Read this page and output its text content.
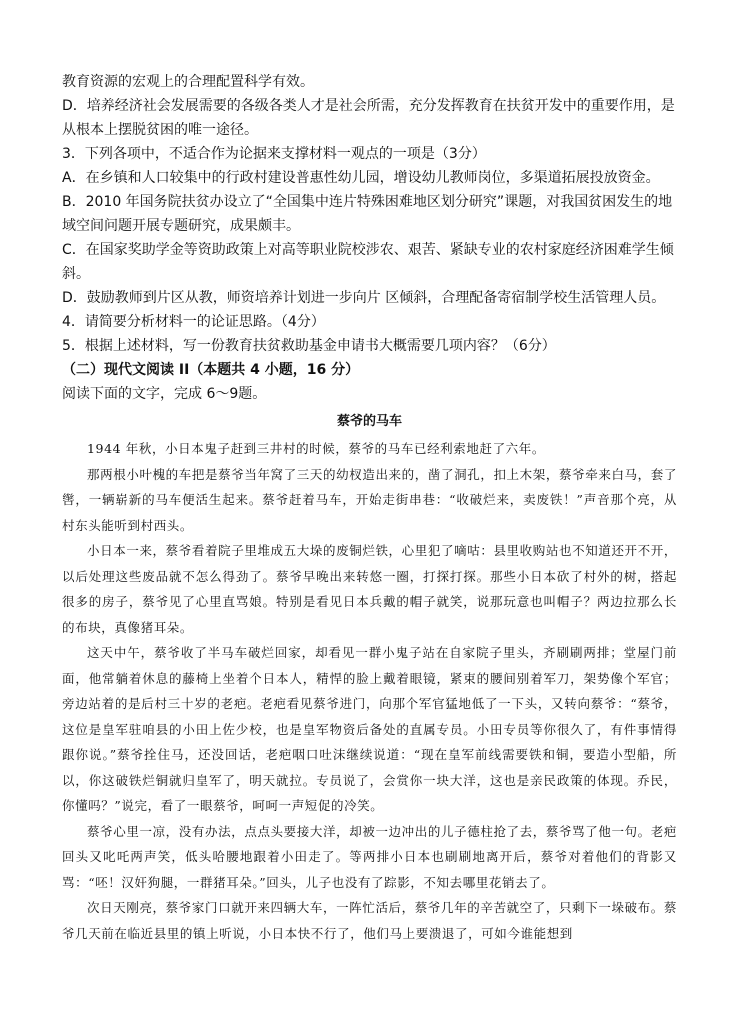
教育资源的宏观上的合理配置科学有效。

D．培养经济社会发展需要的各级各类人才是社会所需，充分发挥教育在扶贫开发中的重要作用，是从根本上摆脱贫困的唯一途径。

3．下列各项中，不适合作为论据来支撑材料一观点的一项是（3分）

A．在乡镇和人口较集中的行政村建设普惠性幼儿园，增设幼儿教师岗位，多渠道拓展投放资金。

B．2010 年国务院扶贫办设立了“全国集中连片特殊困难地区划分研究”课题，对我国贫困发生的地域空间问题开展专题研究，成果颇丰。

C．在国家奖助学金等资助政策上对高等职业院校涉农、艰苦、紧缺专业的农村家庭经济困难学生倾斜。

D．鼓励教师到片区从教，师资培养计划进一步向片 区倾斜，合理配备寄宿制学校生活管理人员。

4．请简要分析材料一的论证思路。（4分）

5．根据上述材料，写一份教育扶贫救助基金申请书大概需要几项内容？（6分）

（二）现代文阅读 II（本题共 4 小题，16 分）

阅读下面的文字，完成 6～9题。

蔡爷的马车

1944 年秋，小日本鬼子赶到三井村的时候，蔡爷的马车已经利索地赶了六年。

那两根小叶槐的车把是蔡爷当年窝了三天的幼杈造出来的，凿了洞孔，扣上木架，蔡爷牵来白马，套了辔，一辆崭新的马车便活生起来。蔡爷赶着马车，开始走街串巷：“收破烂来，卖废铁！”声音那个亮，从村东头能听到村西头。

小日本一来，蔡爷看着院子里堆成五大垛的废铜烂铁，心里犯了嘀咕：县里收购站也不知道还开不开，以后处理这些废品就不怎么得劲了。蔡爷早晚出来转悠一圈，打探打探。那些小日本砍了村外的树，搭起很多的房子，蔡爷见了心里直骂娘。特别是看见日本兵戴的帽子就笑，说那玩意也叫帽子？两边拉那么长的布块，真像猪耳朵。

这天中午，蔡爷收了半马车破烂回家，却看见一群小鬼子站在自家院子里头，齐刷刷两排；堂屋门前面，他常躺着休息的藤椅上坐着个日本人，精悍的脸上戴着眼镜，紧束的腰间别着军刀，架势像个军官；旁边站着的是后村三十岁的老疤。老疤看见蔡爷进门，向那个军官猛地低了一下头，又转向蔡爷：“蔡爷，这位是皇军驻咱县的小田上佐少校，也是皇军物资后备处的直属专员。小田专员等你很久了，有件事情得跟你说。”蔡爷拴住马，还没回话，老疤咽口吐沫继续说道：“现在皇军前线需要铁和铜，要造小型船，所以，你这破铁烂铜就归皇军了，明天就拉。专员说了，会赏你一块大洋，这也是亲民政策的体现。乔民，你懂吗？”说完，看了一眼蔡爷，呵呵一声短促的冷笑。

蔡爷心里一凉，没有办法，点点头要接大洋，却被一边冲出的儿子德柱抢了去，蔡爷骂了他一句。老疤回头又叱吒两声笑，低头哈腰地跟着小田走了。等两排小日本也刷刷地离开后，蔡爷对着他们的背影又骂：“呸！汉奸狗腿，一群猪耳朵。”回头，儿子也没有了踪影，不知去哪里花销去了。

次日天刚亮，蔡爷家门口就开来四辆大车，一阵忙活后，蔡爷几年的辛苦就空了，只剩下一垛破布。蔡爷几天前在临近县里的镇上听说，小日本快不行了，他们马上要溃退了，可如今谁能想到
